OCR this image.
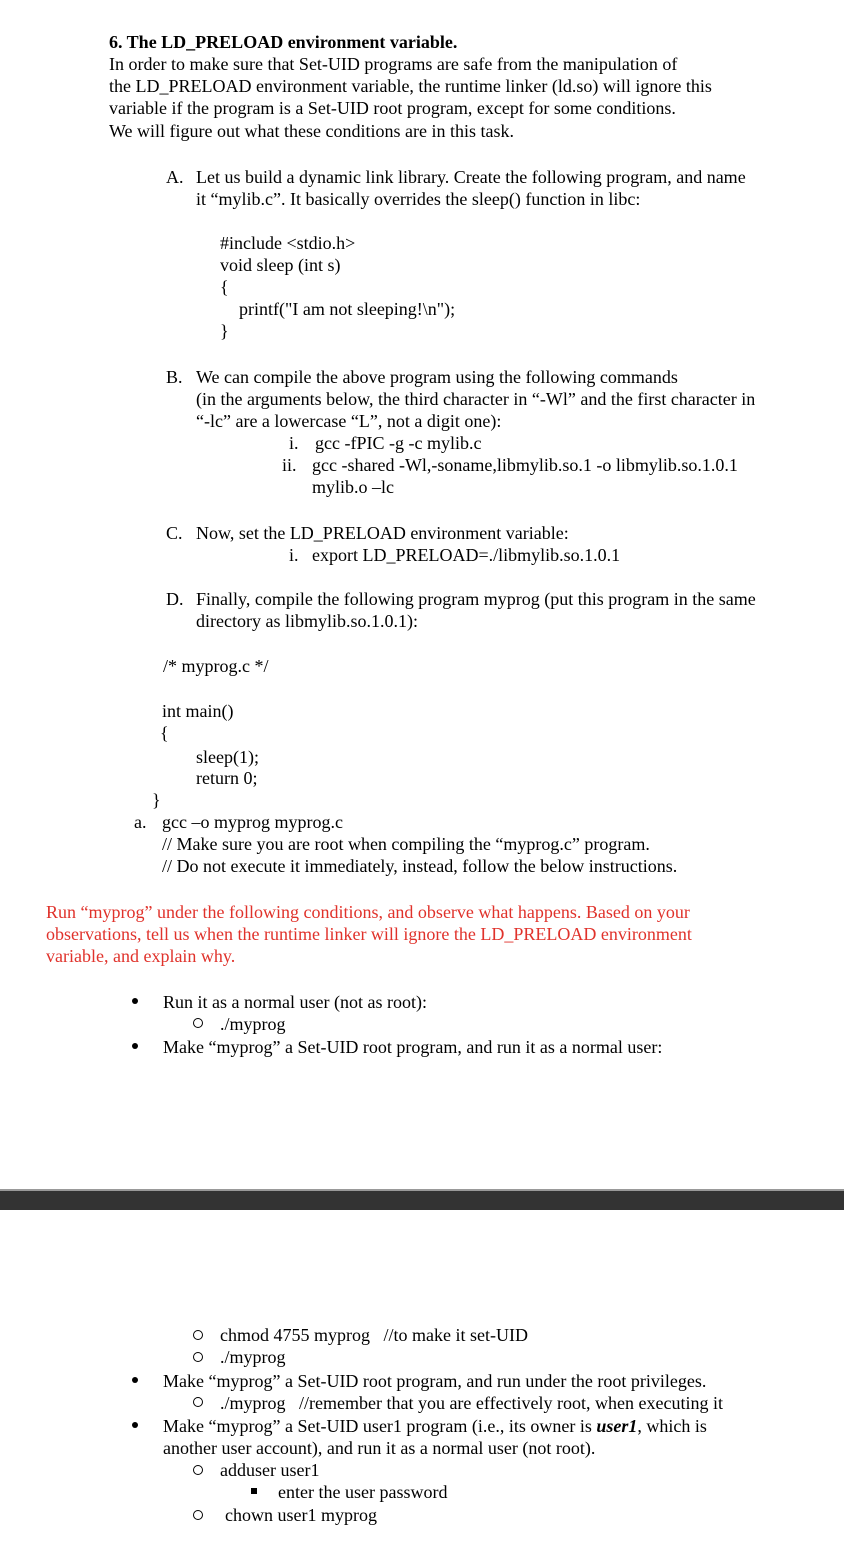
6. The LD_PRELOAD environment variable.
In order to make sure that Set-UID programs are safe from the manipulation of
the LD_PRELOAD environment variable, the runtime linker (ld.so) will ignore this
variable if the program is a Set-UID root program, except for some conditions.
We will figure out what these conditions are in this task.
A. Let us build a dynamic link library. Create the following program, and name
it “mylib.c”. It basically overrides the sleep() function in libc:
#include <stdio.h>
void sleep (int s)
{
printf("I am not sleeping!\n");
}
B. We can compile the above program using the following commands
(in the arguments below, the third character in “-Wl” and the first character in
“-lc” are a lowercase “L”, not a digit one):
i. gcc -fPIC -g -c mylib.c
ii. gcc -shared -Wl,-soname,libmylib.so.1 -o libmylib.so.1.0.1
mylib.o –lc
C. Now, set the LD_PRELOAD environment variable:
i. export LD_PRELOAD=./libmylib.so.1.0.1
D. Finally, compile the following program myprog (put this program in the same
directory as libmylib.so.1.0.1):
/* myprog.c */
int main()
{
sleep(1);
return 0;
}
a. gcc –o myprog myprog.c
// Make sure you are root when compiling the “myprog.c” program.
// Do not execute it immediately, instead, follow the below instructions.
Run “myprog” under the following conditions, and observe what happens. Based on your
observations, tell us when the runtime linker will ignore the LD_PRELOAD environment
variable, and explain why.
Run it as a normal user (not as root):
./myprog
Make “myprog” a Set-UID root program, and run it as a normal user:
chmod 4755 myprog   //to make it set-UID
./myprog
Make “myprog” a Set-UID root program, and run under the root privileges.
./myprog   //remember that you are effectively root, when executing it
Make “myprog” a Set-UID user1 program (i.e., its owner is user1, which is
another user account), and run it as a normal user (not root).
adduser user1
enter the user password
chown user1 myprog
